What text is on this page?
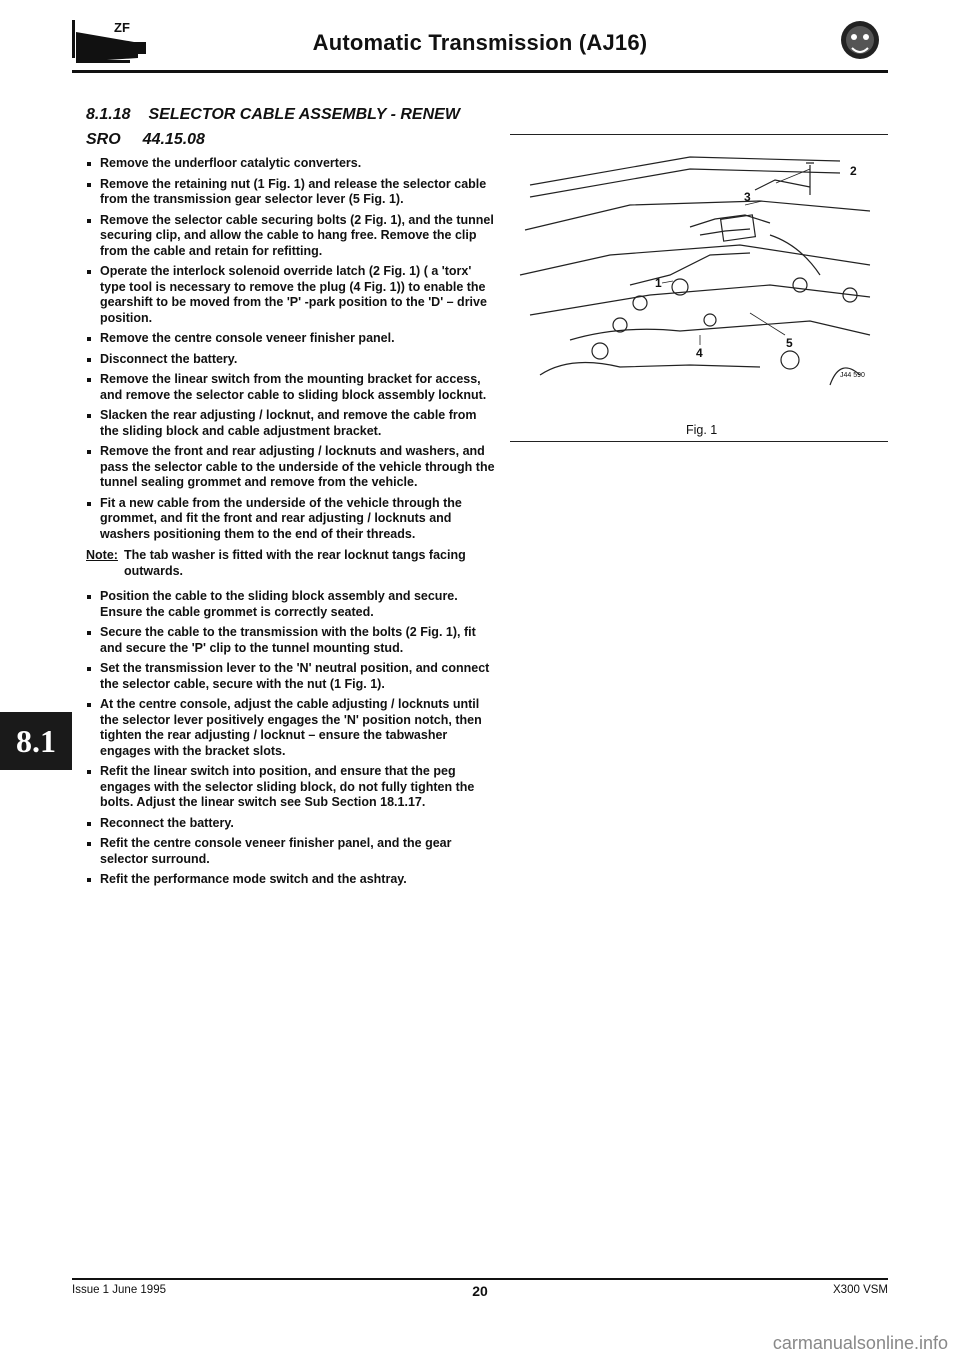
ZF
Automatic Transmission (AJ16)
8.1.18 SELECTOR CABLE ASSEMBLY - RENEW
SRO 44.15.08
Remove the underfloor catalytic converters.
Remove the retaining nut (1 Fig. 1) and release the selector cable from the transmission gear selector lever (5 Fig. 1).
Remove the selector cable securing bolts (2 Fig. 1), and the tunnel securing clip, and allow the cable to hang free. Remove the clip from the cable and retain for refitting.
Operate the interlock solenoid override latch (2 Fig. 1) ( a 'torx' type tool is necessary to remove the plug (4 Fig. 1)) to enable the gearshift to be moved from the 'P' -park position to the 'D' – drive position.
Remove the centre console veneer finisher panel.
Disconnect the battery.
Remove the linear switch from the mounting bracket for access, and remove the selector cable to sliding block assembly locknut.
Slacken the rear adjusting / locknut, and remove the cable from the sliding block and cable adjustment bracket.
Remove the front and rear adjusting / locknuts and washers, and pass the selector cable to the underside of the vehicle through the tunnel sealing grommet and remove from the vehicle.
Fit a new cable from the underside of the vehicle through the grommet, and fit the front and rear adjusting / locknuts and washers positioning them to the end of their threads.
Note: The tab washer is fitted with the rear locknut tangs facing outwards.
Position the cable to the sliding block assembly and secure. Ensure the cable grommet is correctly seated.
Secure the cable to the transmission with the bolts (2 Fig. 1), fit and secure the 'P' clip to the tunnel mounting stud.
Set the transmission lever to the 'N' neutral position, and connect the selector cable, secure with the nut (1 Fig. 1).
At the centre console, adjust the cable adjusting / locknuts until the selector lever positively engages the 'N' position notch, then tighten the rear adjusting / locknut – ensure the tabwasher engages with the bracket slots.
Refit the linear switch into position, and ensure that the peg engages with the selector sliding block, do not fully tighten the bolts. Adjust the linear switch see Sub Section 18.1.17.
Reconnect the battery.
Refit the centre console veneer finisher panel, and the gear selector surround.
Refit the performance mode switch and the ashtray.
1
2
3
4
5
J44 590
Fig. 1
8.1
Issue 1 June 1995	20	X300 VSM
carmanualsonline.info
